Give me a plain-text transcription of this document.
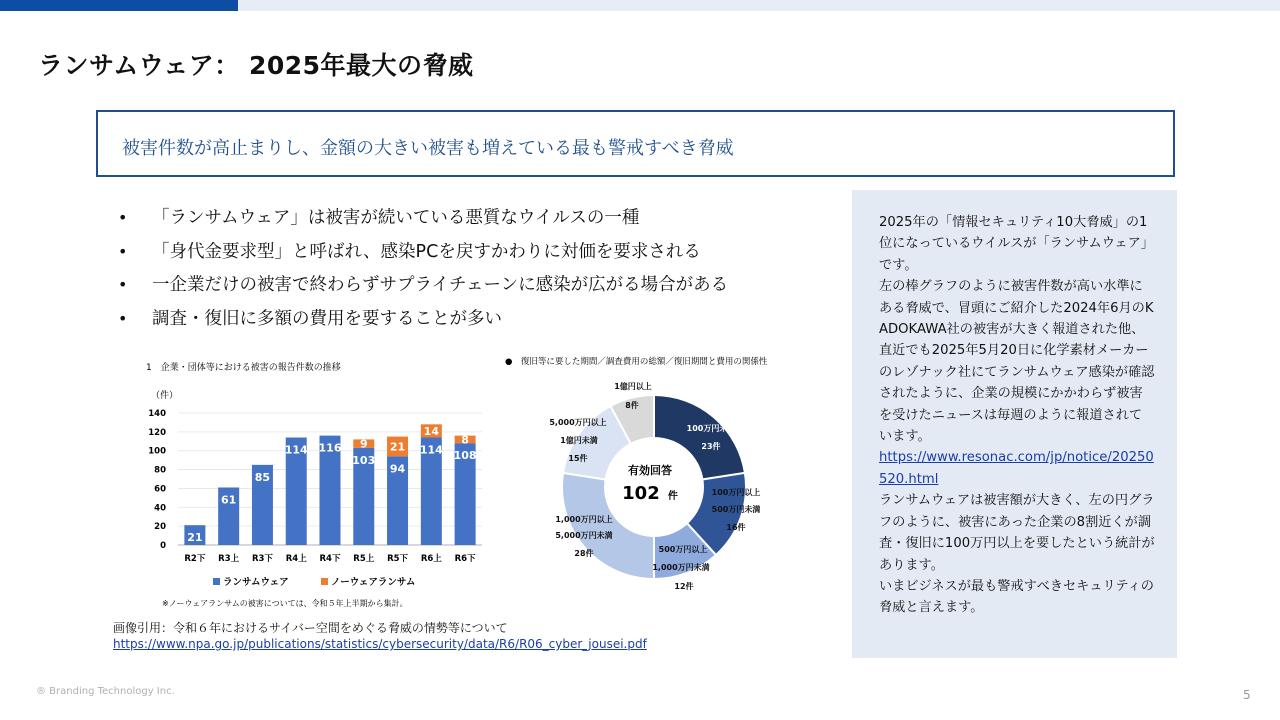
ランサムウェア： 2025年最大の脅威
被害件数が高止まりし、金額の大きい被害も増えている最も警戒すべき脅威
• 「ランサムウェア」は被害が続いている悪質なウイルスの一種
• 「身代金要求型」と呼ばれ、感染PCを戻すかわりに対価を要求される
• 一企業だけの被害で終わらずサプライチェーンに感染が広がる場合がある
• 調査・復旧に多額の費用を要することが多い
2025年の「情報セキュリティ10大脅威」の1位になっているウイルスが「ランサムウェア」です。
左の棒グラフのように被害件数が高い水準にある脅威で、冒頭にご紹介した2024年6月のKADOKAWA社の被害が大きく報道された他、直近でも2025年5月20日に化学素材メーカーのレゾナック社にてランサムウェア感染が確認されたように、企業の規模にかかわらず被害を受けたニュースは毎週のように報道されています。
https://www.resonac.com/jp/notice/20250520.html
ランサムウェアは被害額が大きく、左の円グラフのように、被害にあった企業の8割近くが調査・復旧に100万円以上を要したという統計があります。
いまビジネスが最も警戒すべきセキュリティの脅威と言えます。
1　企業・団体等における被害の報告件数の推移
（件）
0
20
40
60
80
100
120
140
21
61
85
114 116 9
103
21
94
14
114
8
108
R2下 R3上 R3下 R4上 R4下 R5上 R5下 R6上 R6下
ランサムウェア	ノーウェアランサム
※ノーウェアランサムの被害については、令和５年上半期から集計。
●　復旧等に要した期間／調査費用の総額／復旧期間と費用の関係性
有効回答
102 件
100万円未満
23件
100万円以上
500万円未満
16件
500万円以上
1,000万円未満
12件
1,000万円以上
5,000万円未満
28件
5,000万円以上
1億円未満
15件
1億円以上
8件
画像引用：令和６年におけるサイバー空間をめぐる脅威の情勢等について
https://www.npa.go.jp/publications/statistics/cybersecurity/data/R6/R06_cyber_jousei.pdf
® Branding Technology Inc.	5
